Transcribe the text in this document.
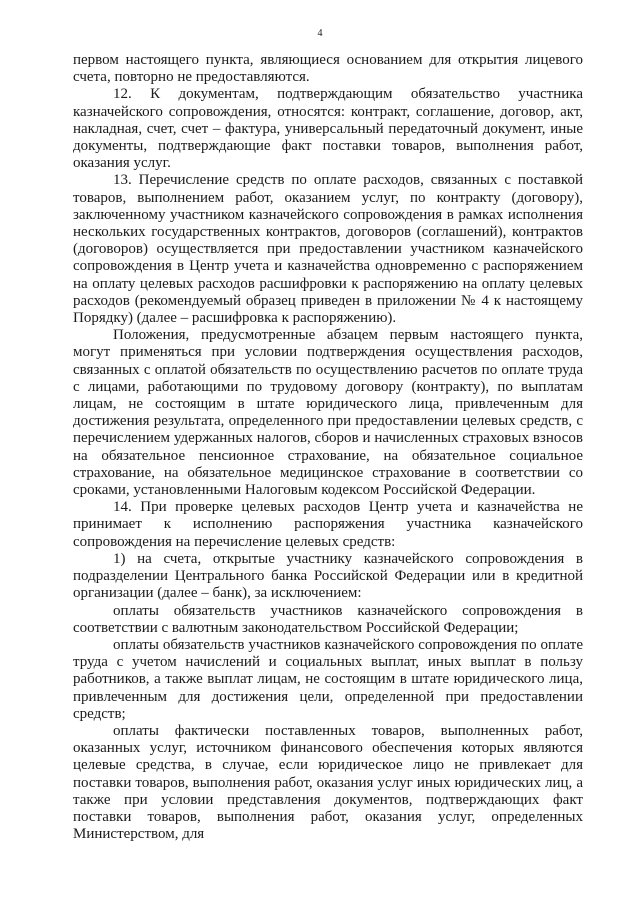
4

первом настоящего пункта, являющиеся основанием для открытия лицевого счета, повторно не предоставляются.

12. К документам, подтверждающим обязательство участника казначейского сопровождения, относятся: контракт, соглашение, договор, акт, накладная, счет, счет – фактура, универсальный передаточный документ, иные документы, подтверждающие факт поставки товаров, выполнения работ, оказания услуг.

13. Перечисление средств по оплате расходов, связанных с поставкой товаров, выполнением работ, оказанием услуг, по контракту (договору), заключенному участником казначейского сопровождения в рамках исполнения нескольких государственных контрактов, договоров (соглашений), контрактов (договоров) осуществляется при предоставлении участником казначейского сопровождения в Центр учета и казначейства одновременно с распоряжением на оплату целевых расходов расшифровки к распоряжению на оплату целевых расходов (рекомендуемый образец приведен в приложении № 4 к настоящему Порядку) (далее – расшифровка к распоряжению).

Положения, предусмотренные абзацем первым настоящего пункта, могут применяться при условии подтверждения осуществления расходов, связанных с оплатой обязательств по осуществлению расчетов по оплате труда с лицами, работающими по трудовому договору (контракту), по выплатам лицам, не состоящим в штате юридического лица, привлеченным для достижения результата, определенного при предоставлении целевых средств, с перечислением удержанных налогов, сборов и начисленных страховых взносов на обязательное пенсионное страхование, на обязательное социальное страхование, на обязательное медицинское страхование в соответствии со сроками, установленными Налоговым кодексом Российской Федерации.

14. При проверке целевых расходов Центр учета и казначейства не принимает к исполнению распоряжения участника казначейского сопровождения на перечисление целевых средств:

1) на счета, открытые участнику казначейского сопровождения в подразделении Центрального банка Российской Федерации или в кредитной организации (далее – банк), за исключением:

оплаты обязательств участников казначейского сопровождения в соответствии с валютным законодательством Российской Федерации;

оплаты обязательств участников казначейского сопровождения по оплате труда с учетом начислений и социальных выплат, иных выплат в пользу работников, а также выплат лицам, не состоящим в штате юридического лица, привлеченным для достижения цели, определенной при предоставлении средств;

оплаты фактически поставленных товаров, выполненных работ, оказанных услуг, источником финансового обеспечения которых являются целевые средства, в случае, если юридическое лицо не привлекает для поставки товаров, выполнения работ, оказания услуг иных юридических лиц, а также при условии представления документов, подтверждающих факт поставки товаров, выполнения работ, оказания услуг, определенных Министерством, для
